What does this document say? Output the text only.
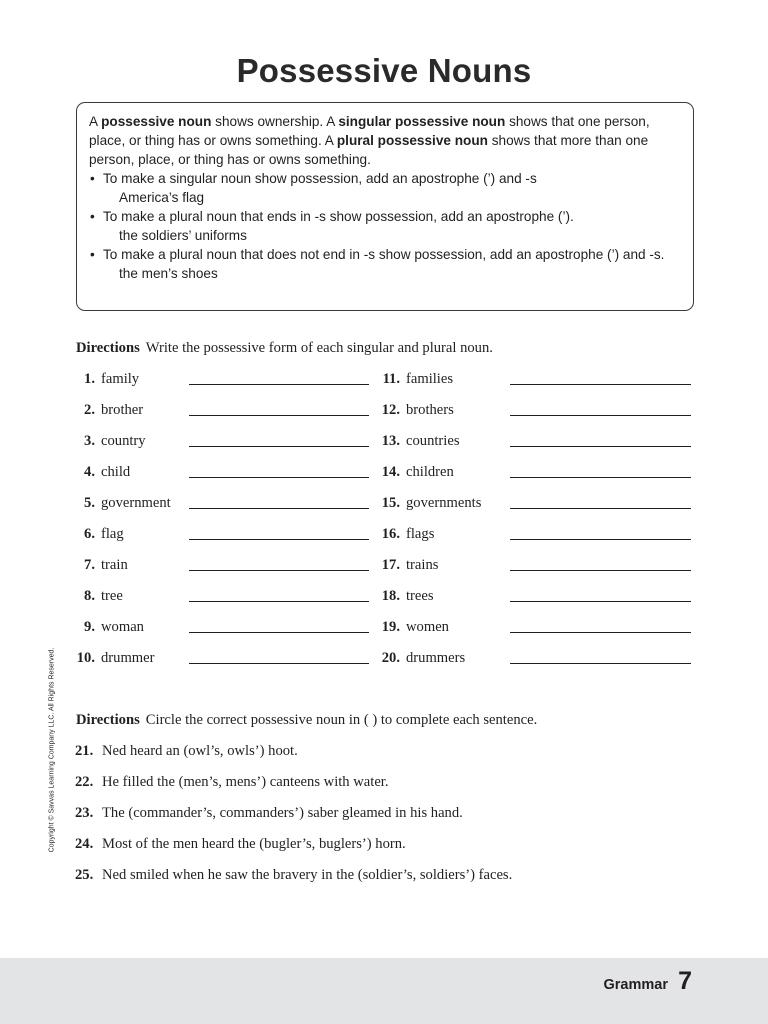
Possessive Nouns

A possessive noun shows ownership. A singular possessive noun shows that one person, place, or thing has or owns something. A plural possessive noun shows that more than one person, place, or thing has or owns something.

• To make a singular noun show possession, add an apostrophe (’) and -s

America’s flag

• To make a plural noun that ends in -s show possession, add an apostrophe (’).

the soldiers’ uniforms

• To make a plural noun that does not end in -s show possession, add an apostrophe (’) and -s.

the men’s shoes

Directions Write the possessive form of each singular and plural noun.
1. family
2. brother
3. country
4. child
5. government
6. flag
7. train
8. tree
9. woman
10. drummer
11. families
12. brothers
13. countries
14. children
15. governments
16. flags
17. trains
18. trees
19. women
20. drummers
Directions Circle the correct possessive noun in ( ) to complete each sentence.
21. Ned heard an (owl’s, owls’) hoot.
22. He filled the (men’s, mens’) canteens with water.
23. The (commander’s, commanders’) saber gleamed in his hand.
24. Most of the men heard the (bugler’s, buglers’) horn.
25. Ned smiled when he saw the bravery in the (soldier’s, soldiers’) faces.
Copyright © Savvas Learning Company LLC. All Rights Reserved.
Grammar 7
